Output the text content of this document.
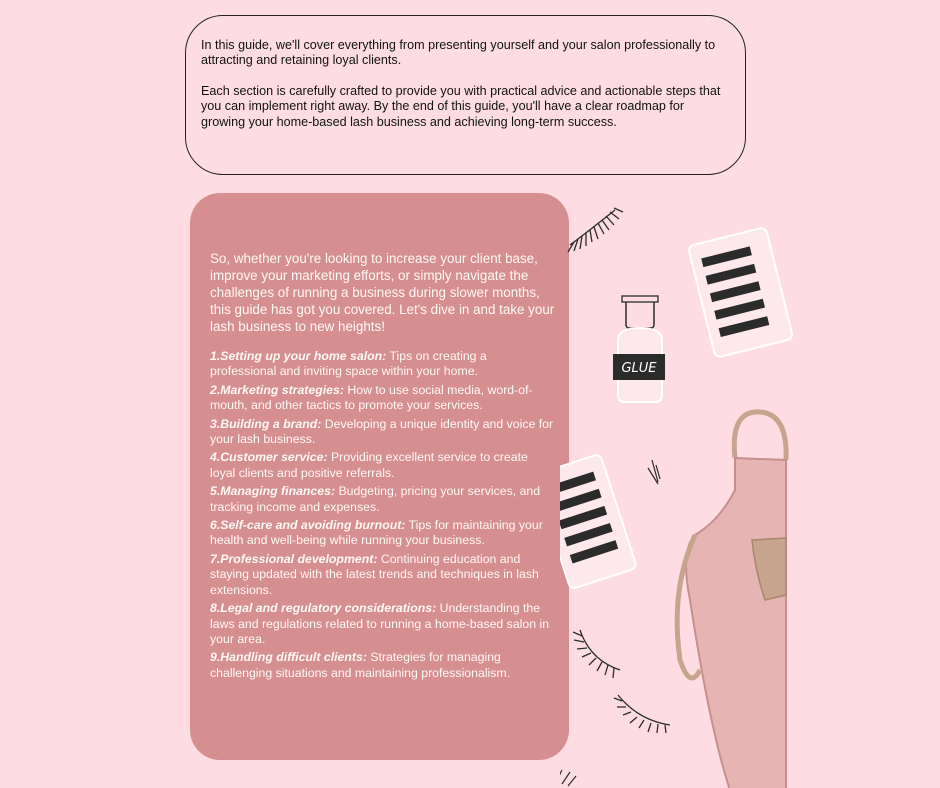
In this guide, we'll cover everything from presenting yourself and your salon professionally to attracting and retaining loyal clients.

Each section is carefully crafted to provide you with practical advice and actionable steps that you can implement right away. By the end of this guide, you'll have a clear roadmap for growing your home-based lash business and achieving long-term success.

So, whether you're looking to increase your client base, improve your marketing efforts, or simply navigate the challenges of running a business during slower months, this guide has got you covered. Let's dive in and take your lash business to new heights!

1.Setting up your home salon: Tips on creating a professional and inviting space within your home.
2.Marketing strategies: How to use social media, word-of-mouth, and other tactics to promote your services.
3.Building a brand: Developing a unique identity and voice for your lash business.
4.Customer service: Providing excellent service to create loyal clients and positive referrals.
5.Managing finances: Budgeting, pricing your services, and tracking income and expenses.
6.Self-care and avoiding burnout: Tips for maintaining your health and well-being while running your business.
7.Professional development: Continuing education and staying updated with the latest trends and techniques in lash extensions.
8.Legal and regulatory considerations: Understanding the laws and regulations related to running a home-based salon in your area.
9.Handling difficult clients: Strategies for managing challenging situations and maintaining professionalism.
GLUE
